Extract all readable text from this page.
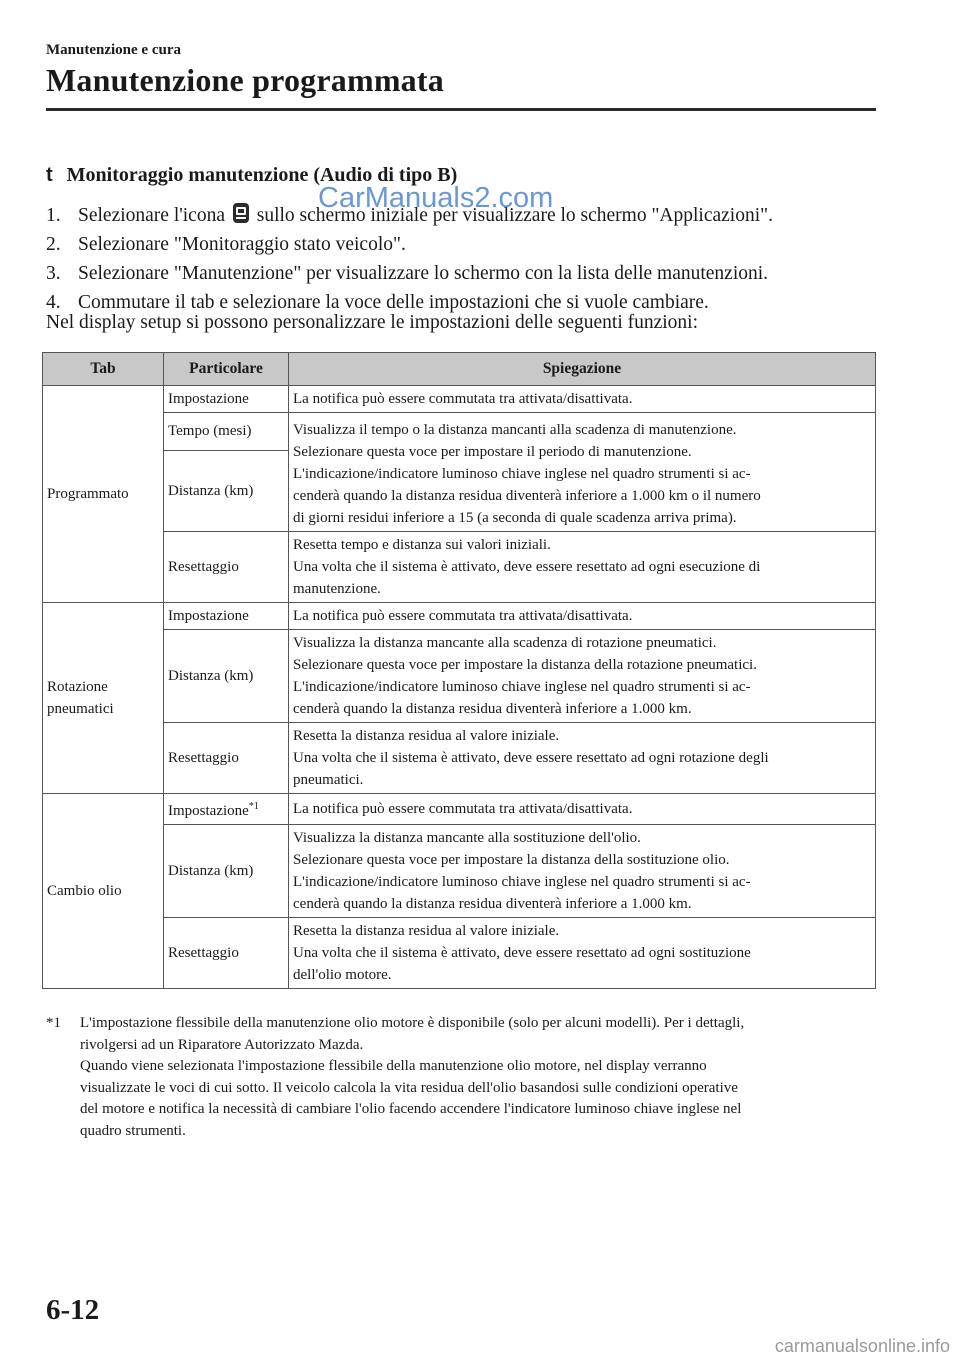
Manutenzione e cura
Manutenzione programmata
t Monitoraggio manutenzione (Audio di tipo B)
CarManuals2.com
1. Selezionare l'icona  sullo schermo iniziale per visualizzare lo schermo "Applicazioni".
2. Selezionare "Monitoraggio stato veicolo".
3. Selezionare "Manutenzione" per visualizzare lo schermo con la lista delle manutenzioni.
4. Commutare il tab e selezionare la voce delle impostazioni che si vuole cambiare.
Nel display setup si possono personalizzare le impostazioni delle seguenti funzioni:
Tab	Particolare	Spiegazione
Programmato	Impostazione	La notifica può essere commutata tra attivata/disattivata.
	Tempo (mesi)	Visualizza il tempo o la distanza mancanti alla scadenza di manutenzione.
Selezionare questa voce per impostare il periodo di manutenzione.
L'indicazione/indicatore luminoso chiave inglese nel quadro strumenti si ac-
cenderà quando la distanza residua diventerà inferiore a 1.000 km o il numero
di giorni residui inferiore a 15 (a seconda di quale scadenza arriva prima).
	Distanza (km)	
	Resettaggio	Resetta tempo e distanza sui valori iniziali.
Una volta che il sistema è attivato, deve essere resettato ad ogni esecuzione di
manutenzione.
Rotazione pneumatici	Impostazione	La notifica può essere commutata tra attivata/disattivata.
	Distanza (km)	Visualizza la distanza mancante alla scadenza di rotazione pneumatici.
Selezionare questa voce per impostare la distanza della rotazione pneumatici.
L'indicazione/indicatore luminoso chiave inglese nel quadro strumenti si ac-
cenderà quando la distanza residua diventerà inferiore a 1.000 km.
	Resettaggio	Resetta la distanza residua al valore iniziale.
Una volta che il sistema è attivato, deve essere resettato ad ogni rotazione degli
pneumatici.
Cambio olio	Impostazione$^{*1}$	La notifica può essere commutata tra attivata/disattivata.
	Distanza (km)	Visualizza la distanza mancante alla sostituzione dell'olio.
Selezionare questa voce per impostare la distanza della sostituzione olio.
L'indicazione/indicatore luminoso chiave inglese nel quadro strumenti si ac-
cenderà quando la distanza residua diventerà inferiore a 1.000 km.
	Resettaggio	Resetta la distanza residua al valore iniziale.
Una volta che il sistema è attivato, deve essere resettato ad ogni sostituzione
dell'olio motore.
*1 L'impostazione flessibile della manutenzione olio motore è disponibile (solo per alcuni modelli). Per i dettagli,
rivolgersi ad un Riparatore Autorizzato Mazda.
Quando viene selezionata l'impostazione flessibile della manutenzione olio motore, nel display verranno
visualizzate le voci di cui sotto. Il veicolo calcola la vita residua dell'olio basandosi sulle condizioni operative
del motore e notifica la necessità di cambiare l'olio facendo accendere l'indicatore luminoso chiave inglese nel
quadro strumenti.
6-12
carmanualsonline.info
